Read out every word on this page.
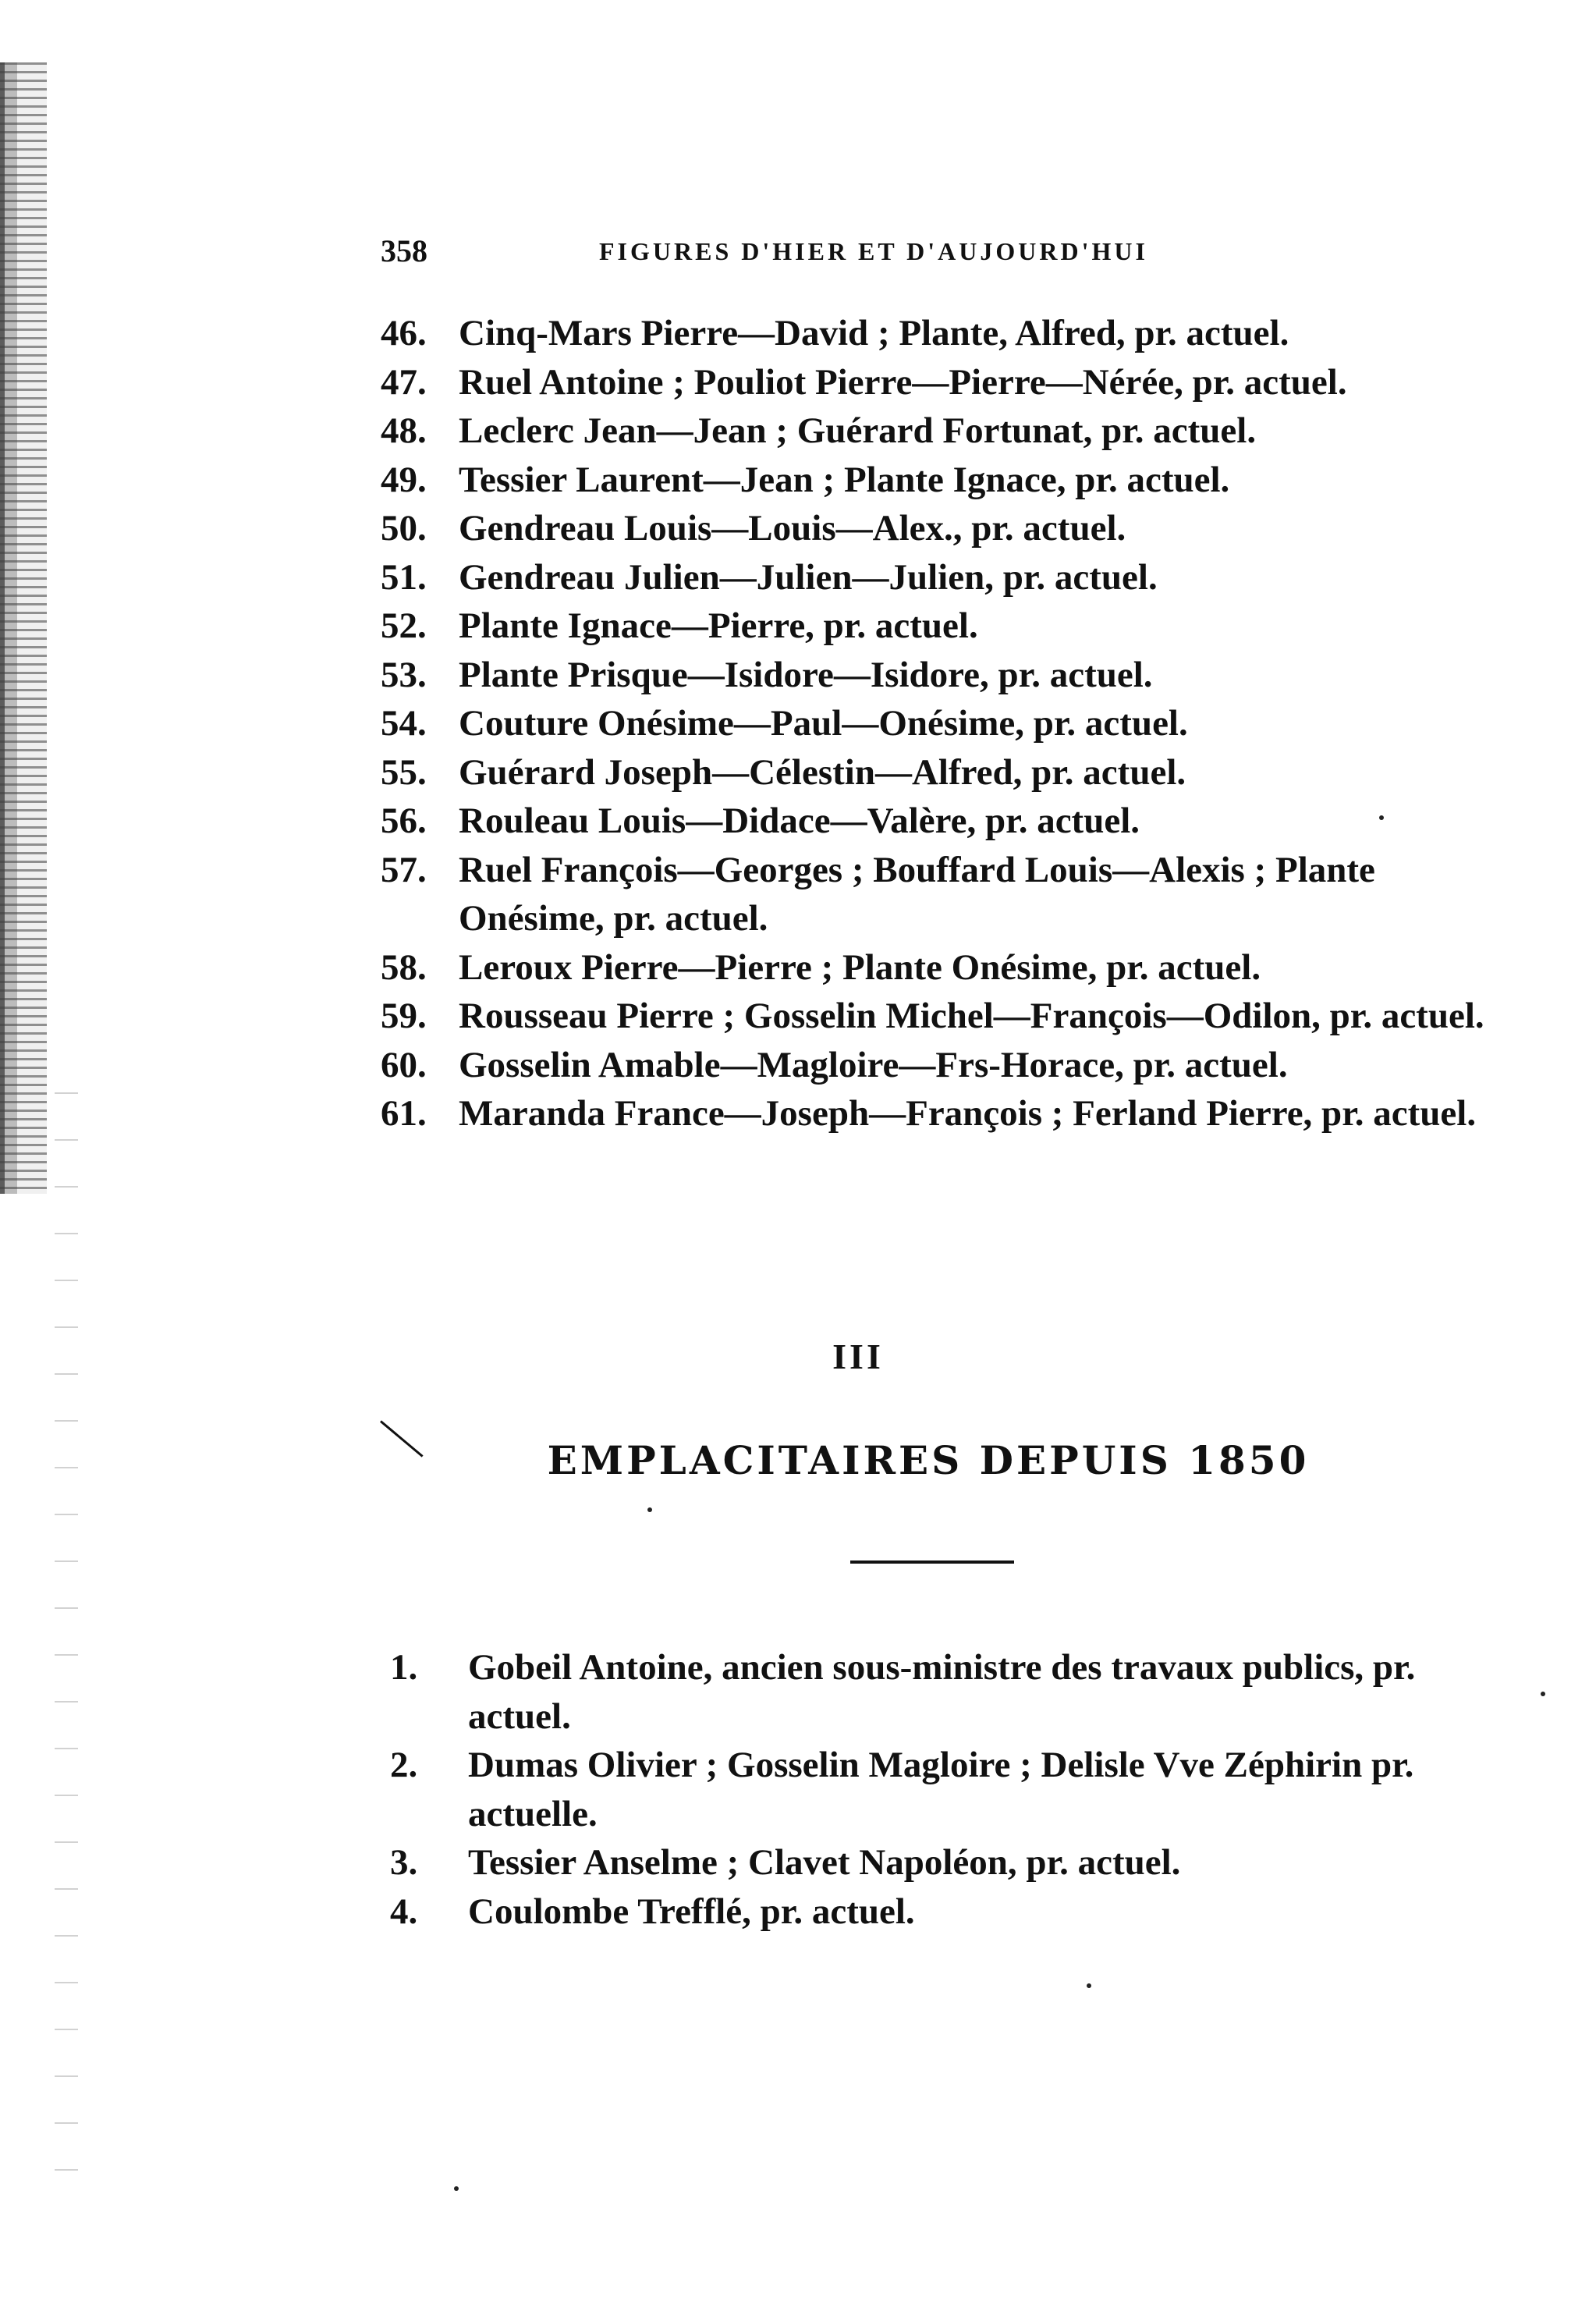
358	FIGURES D'HIER ET D'AUJOURD'HUI
46. Cinq-Mars Pierre—David ; Plante, Alfred, pr. actuel.
47. Ruel Antoine ; Pouliot Pierre—Pierre—Nérée, pr. actuel.
48. Leclerc Jean—Jean ; Guérard Fortunat, pr. actuel.
49. Tessier Laurent—Jean ; Plante Ignace, pr. actuel.
50. Gendreau Louis—Louis—Alex., pr. actuel.
51. Gendreau Julien—Julien—Julien, pr. actuel.
52. Plante Ignace—Pierre, pr. actuel.
53. Plante Prisque—Isidore—Isidore, pr. actuel.
54. Couture Onésime—Paul—Onésime, pr. actuel.
55. Guérard Joseph—Célestin—Alfred, pr. actuel.
56. Rouleau Louis—Didace—Valère, pr. actuel.
57. Ruel François—Georges ; Bouffard Louis—Alexis ; Plante Onésime, pr. actuel.
58. Leroux Pierre—Pierre ; Plante Onésime, pr. actuel.
59. Rousseau Pierre ; Gosselin Michel—François—Odilon, pr. actuel.
60. Gosselin Amable—Magloire—Frs-Horace, pr. actuel.
61. Maranda France—Joseph—François ; Ferland Pierre, pr. actuel.
III
EMPLACITAIRES DEPUIS 1850
1. Gobeil Antoine, ancien sous-ministre des travaux publics, pr. actuel.
2. Dumas Olivier ; Gosselin Magloire ; Delisle Vve Zéphirin pr. actuelle.
3. Tessier Anselme ; Clavet Napoléon, pr. actuel.
4. Coulombe Trefflé, pr. actuel.
